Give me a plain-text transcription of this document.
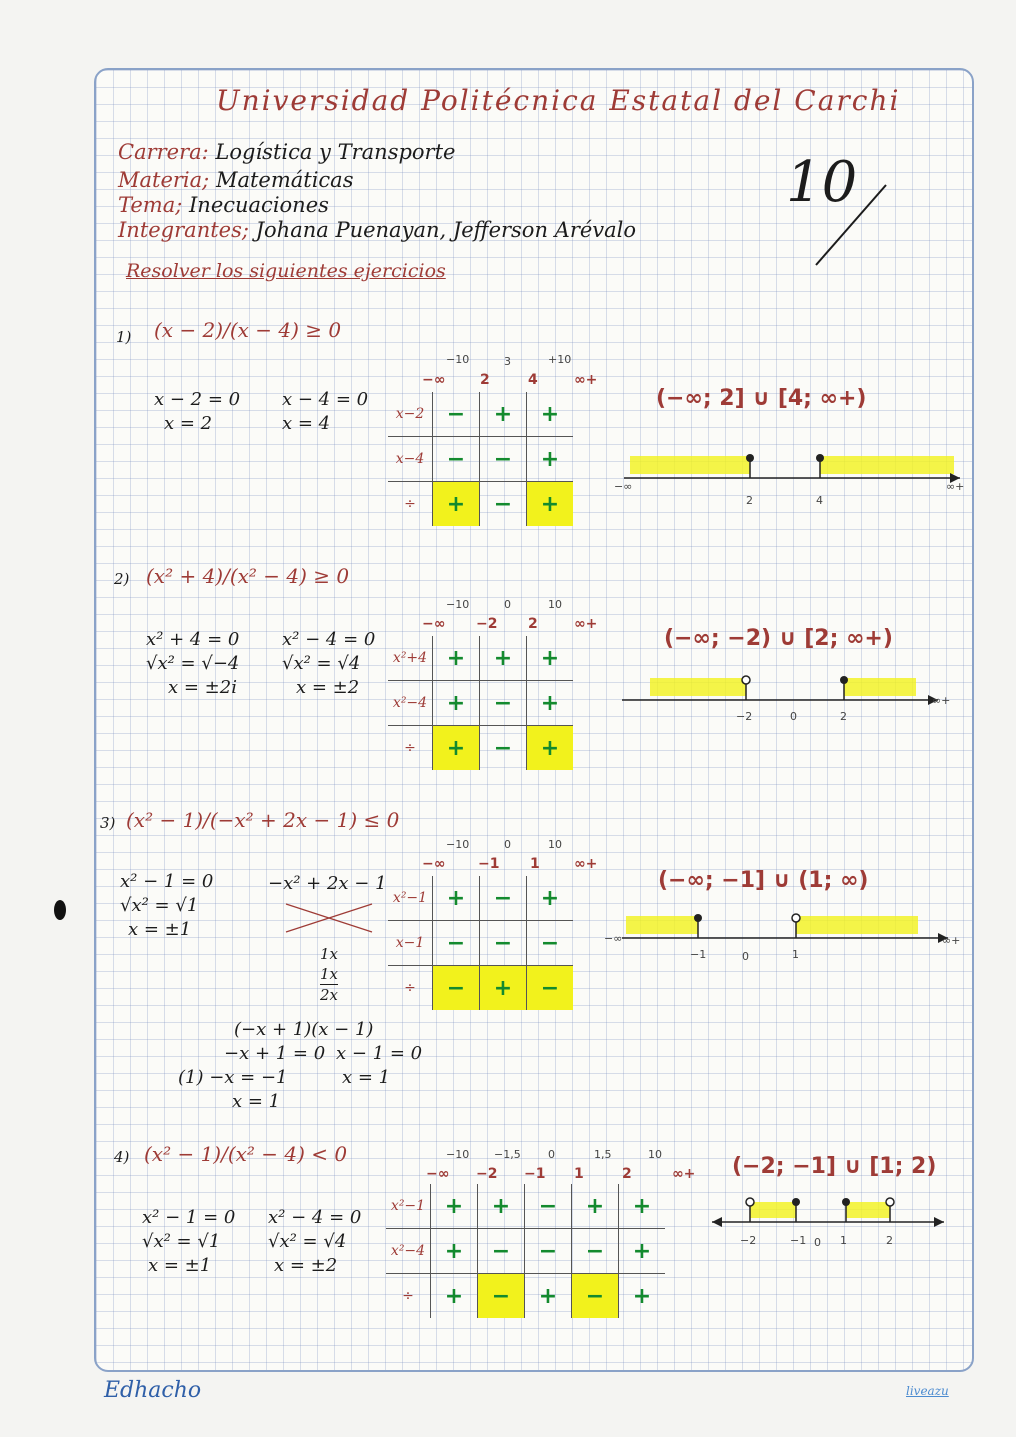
Universidad Politécnica Estatal del Carchi
Carrera: Logística y Transporte
Materia; Matemáticas
Tema; Inecuaciones
Integrantes; Johana Puenayan, Jefferson Arévalo
10
Resolver los siguientes ejercicios
1) (x − 2)/(x − 4) ≥ 0
x − 2 = 0
x = 2
x − 4 = 0
x = 4
−10	3	+10
−∞ 2	4	∞+
x−2	−	+	+
x−4	−	−	+
÷	+	−	+
(−∞; 2] ∪ [4; ∞+)
−∞
2	4
∞+
2) (x² + 4)/(x² − 4) ≥ 0
x² + 4 = 0
√x² = √−4
x = ±2i
x² − 4 = 0
√x² = √4
x = ±2
−10	0	10
−∞ −2 2	∞+
x²+4	+	+	+
x²−4	+	−	+
÷	+	−	+
(−∞; −2) ∪ [2; ∞+)
−2	0	2
∞+
3) (x² − 1)/(−x² + 2x − 1) ≤ 0
x² − 1 = 0
√x² = √1
x = ±1
−x² + 2x − 1
1x
1x
2x
(−x + 1)(x − 1)
−x + 1 = 0
(1) −x = −1
x = 1
x − 1 = 0
x = 1
−10	0	10
−∞ −1 1 ∞+
x²−1	+	−	+
x−1	−	−	−
÷	−	+	−
(−∞; −1] ∪ (1; ∞)
−∞
−1	0	1
∞+
4) (x² − 1)/(x² − 4) < 0
x² − 1 = 0
√x² = √1
x = ±1
x² − 4 = 0
√x² = √4
x = ±2
−10 −1,5 0	1,5	10
−∞ −2 −1 1	2	∞+
x²−1	+	+	−	+	+
x²−4	+	−	−	−	+
÷	+	−	+	−	+
(−2; −1] ∪ [1; 2)
−2	−1 0 1	2
Edhacho	liveazu
